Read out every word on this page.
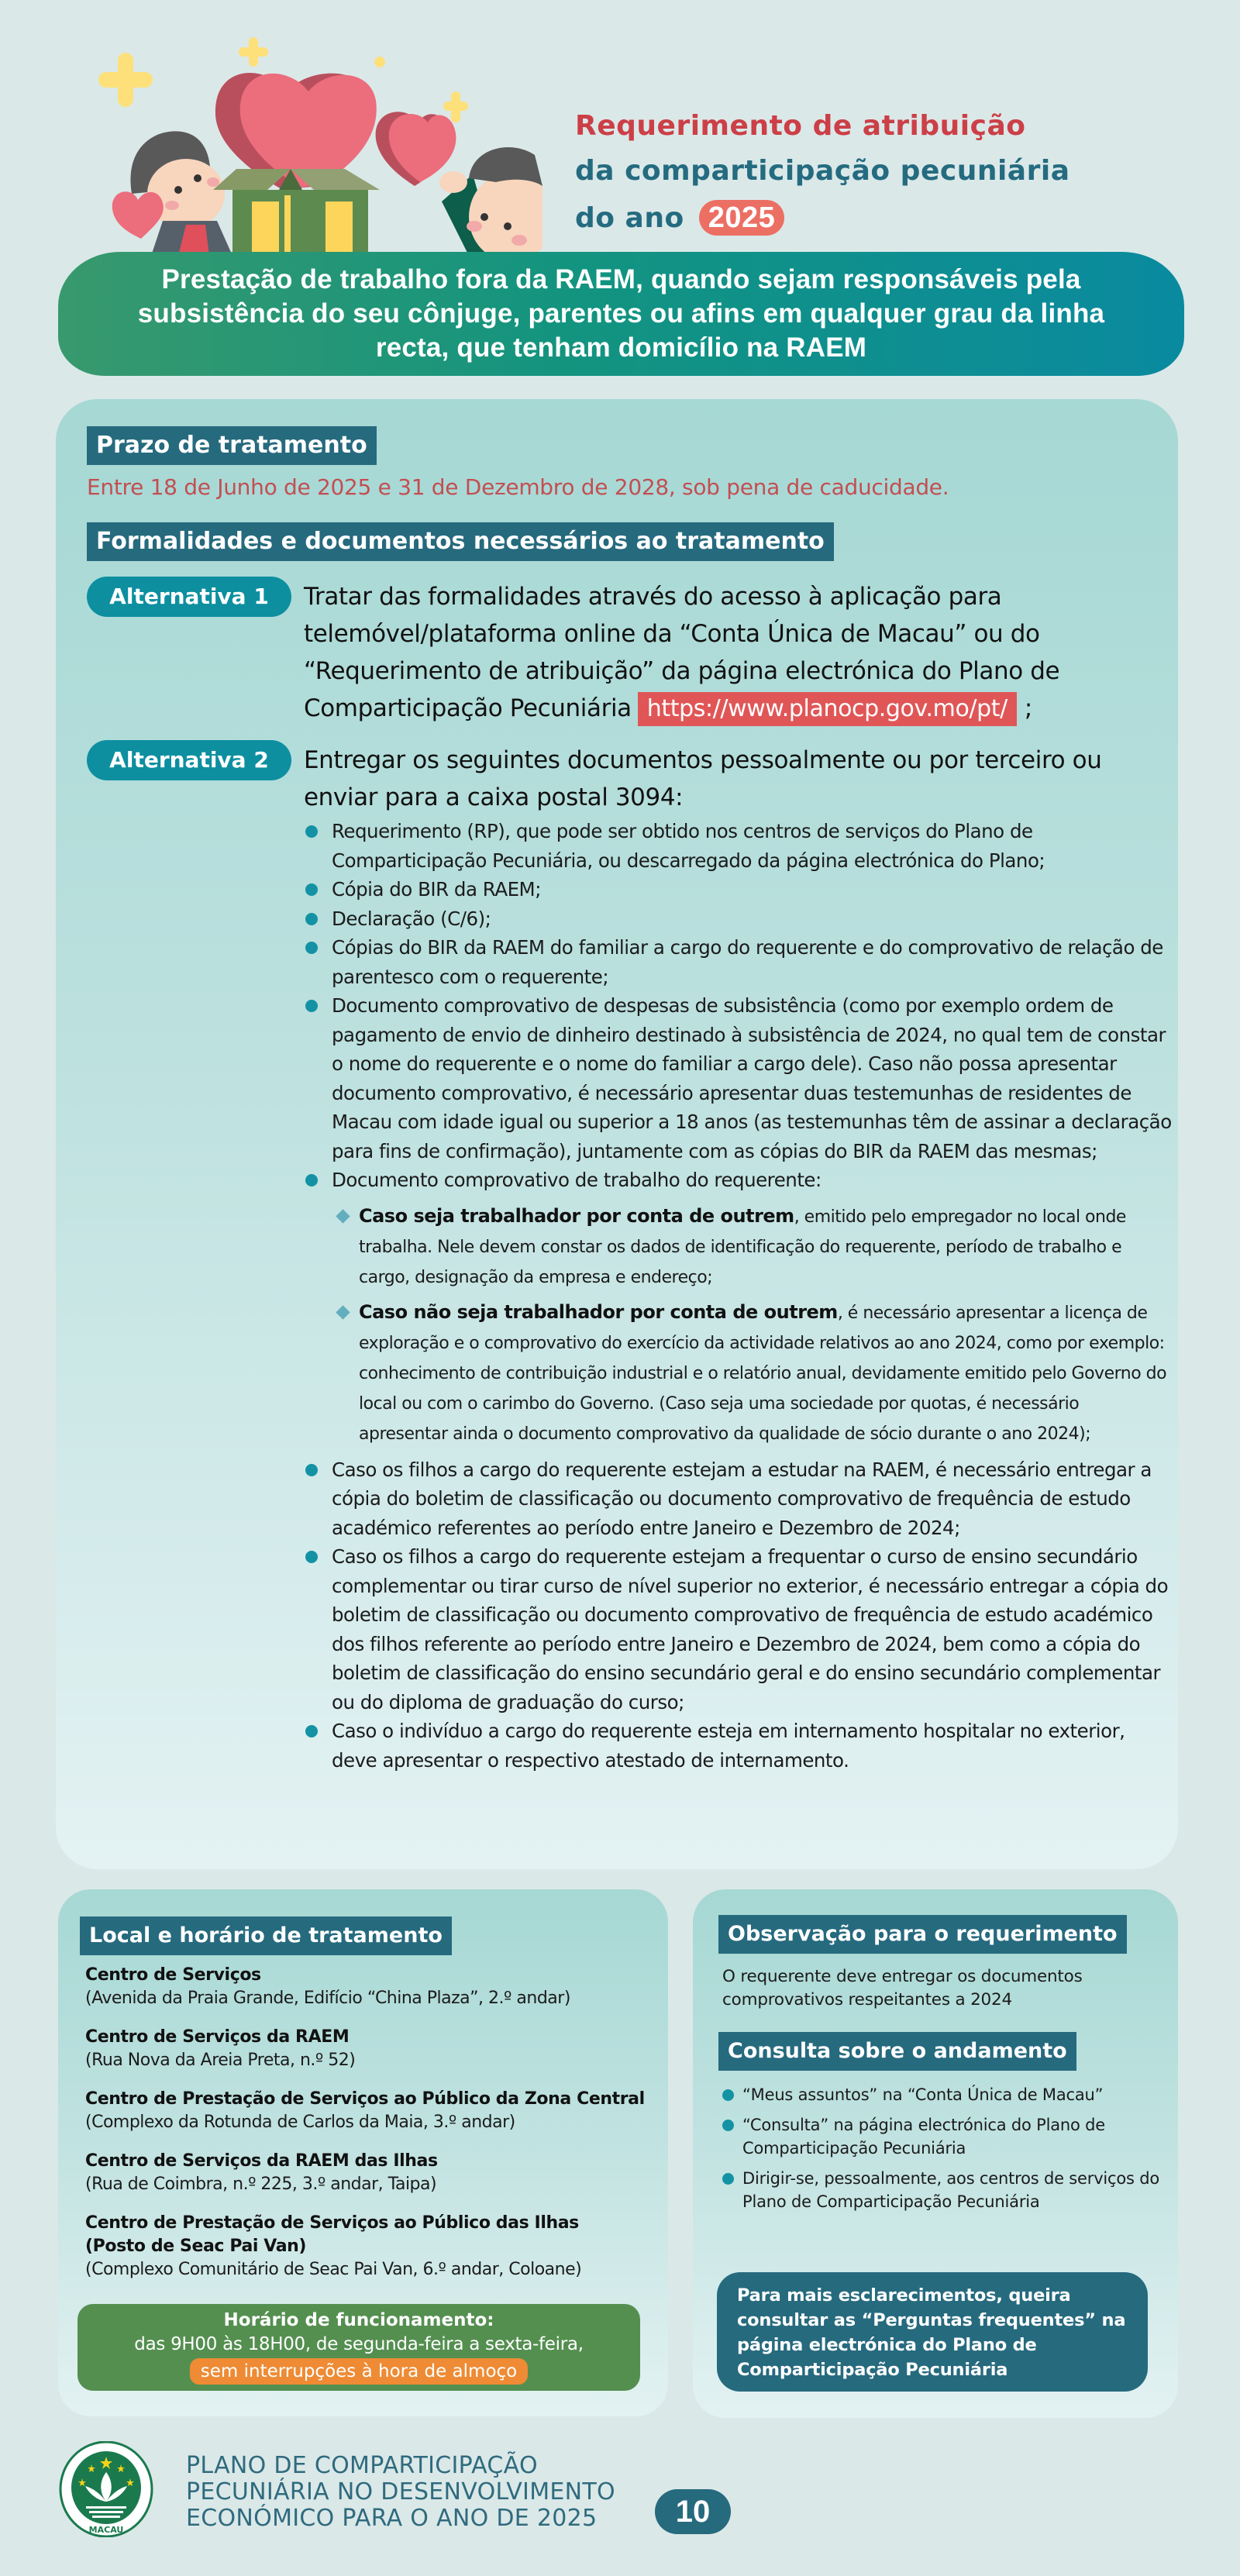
Requerimento de atribuição
da comparticipação pecuniária
do ano 2025
Prestação de trabalho fora da RAEM, quando sejam responsáveis pela subsistência do seu cônjuge, parentes ou afins em qualquer grau da linha recta, que tenham domicílio na RAEM
Prazo de tratamento
Entre 18 de Junho de 2025 e 31 de Dezembro de 2028, sob pena de caducidade.
Formalidades e documentos necessários ao tratamento
Alternativa 1	Tratar das formalidades através do acesso à aplicação para telemóvel/plataforma online da “Conta Única de Macau” ou do “Requerimento de atribuição” da página electrónica do Plano de Comparticipação Pecuniária https://www.planocp.gov.mo/pt/ ;
Alternativa 2	Entregar os seguintes documentos pessoalmente ou por terceiro ou enviar para a caixa postal 3094:
Requerimento (RP), que pode ser obtido nos centros de serviços do Plano de Comparticipação Pecuniária, ou descarregado da página electrónica do Plano;
Cópia do BIR da RAEM;
Declaração (C/6);
Cópias do BIR da RAEM do familiar a cargo do requerente e do comprovativo de relação de parentesco com o requerente;
Documento comprovativo de despesas de subsistência (como por exemplo ordem de pagamento de envio de dinheiro destinado à subsistência de 2024, no qual tem de constar o nome do requerente e o nome do familiar a cargo dele). Caso não possa apresentar documento comprovativo, é necessário apresentar duas testemunhas de residentes de Macau com idade igual ou superior a 18 anos (as testemunhas têm de assinar a declaração para fins de confirmação), juntamente com as cópias do BIR da RAEM das mesmas;
Documento comprovativo de trabalho do requerente:
Caso seja trabalhador por conta de outrem, emitido pelo empregador no local onde trabalha. Nele devem constar os dados de identificação do requerente, período de trabalho e cargo, designação da empresa e endereço;
Caso não seja trabalhador por conta de outrem, é necessário apresentar a licença de exploração e o comprovativo do exercício da actividade relativos ao ano 2024, como por exemplo: conhecimento de contribuição industrial e o relatório anual, devidamente emitido pelo Governo do local ou com o carimbo do Governo. (Caso seja uma sociedade por quotas, é necessário apresentar ainda o documento comprovativo da qualidade de sócio durante o ano 2024);
Caso os filhos a cargo do requerente estejam a estudar na RAEM, é necessário entregar a cópia do boletim de classificação ou documento comprovativo de frequência de estudo académico referentes ao período entre Janeiro e Dezembro de 2024;
Caso os filhos a cargo do requerente estejam a frequentar o curso de ensino secundário complementar ou tirar curso de nível superior no exterior, é necessário entregar a cópia do boletim de classificação ou documento comprovativo de frequência de estudo académico dos filhos referente ao período entre Janeiro e Dezembro de 2024, bem como a cópia do boletim de classificação do ensino secundário geral e do ensino secundário complementar ou do diploma de graduação do curso;
Caso o indivíduo a cargo do requerente esteja em internamento hospitalar no exterior, deve apresentar o respectivo atestado de internamento.
Local e horário de tratamento
Centro de Serviços
(Avenida da Praia Grande, Edifício “China Plaza”, 2.º andar)
Centro de Serviços da RAEM
(Rua Nova da Areia Preta, n.º 52)
Centro de Prestação de Serviços ao Público da Zona Central
(Complexo da Rotunda de Carlos da Maia, 3.º andar)
Centro de Serviços da RAEM das Ilhas
(Rua de Coimbra, n.º 225, 3.º andar, Taipa)
Centro de Prestação de Serviços ao Público das Ilhas
(Posto de Seac Pai Van)
(Complexo Comunitário de Seac Pai Van, 6.º andar, Coloane)
Horário de funcionamento:
das 9H00 às 18H00, de segunda-feira a sexta-feira,
sem interrupções à hora de almoço
Observação para o requerimento
O requerente deve entregar os documentos comprovativos respeitantes a 2024
Consulta sobre o andamento
“Meus assuntos” na “Conta Única de Macau”
“Consulta” na página electrónica do Plano de Comparticipação Pecuniária
Dirigir-se, pessoalmente, aos centros de serviços do Plano de Comparticipação Pecuniária
Para mais esclarecimentos, queira consultar as “Perguntas frequentes” na página electrónica do Plano de Comparticipação Pecuniária
MACAU
PLANO DE COMPARTICIPAÇÃO
PECUNIÁRIA NO DESENVOLVIMENTO
ECONÓMICO PARA O ANO DE 2025	10
